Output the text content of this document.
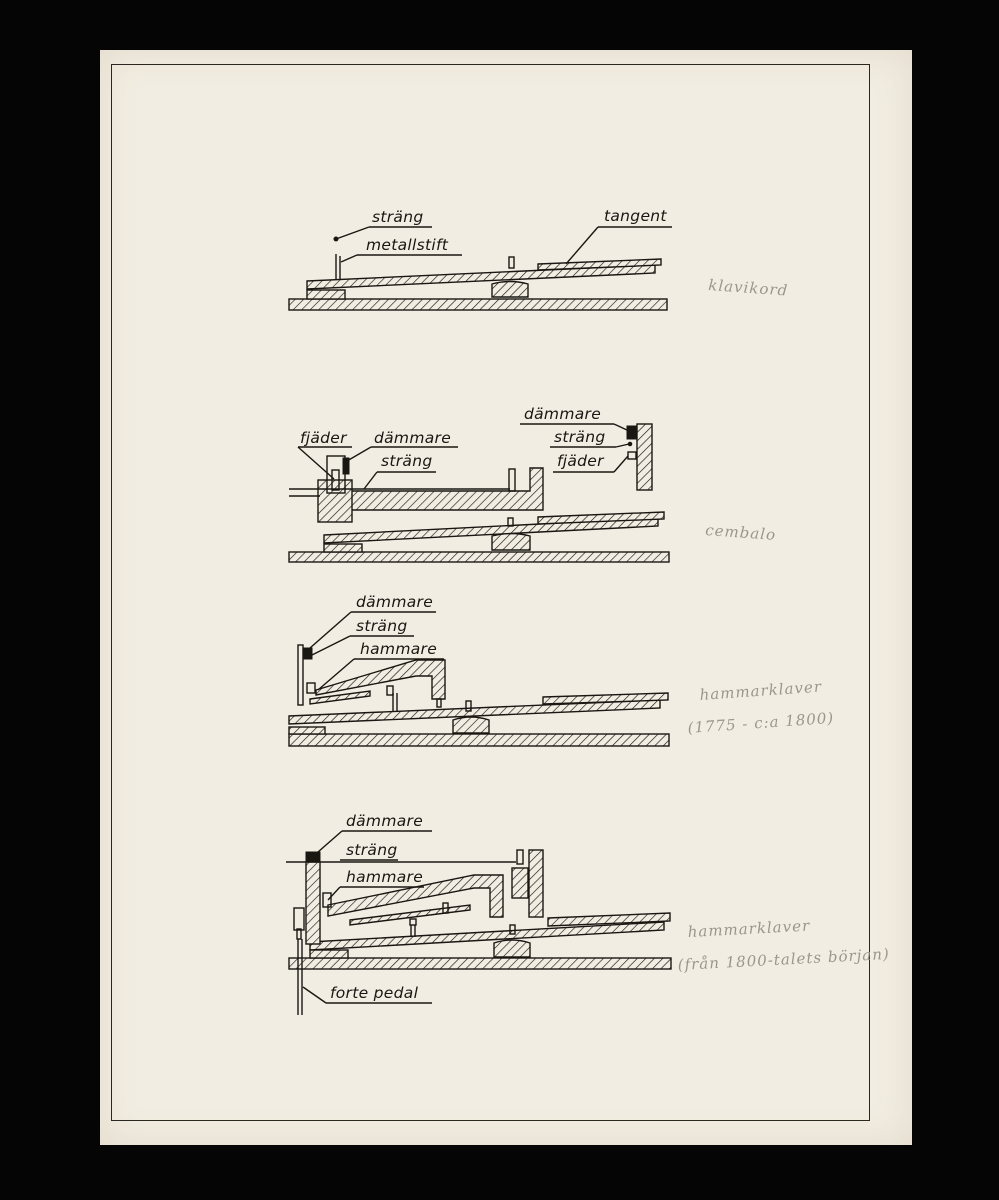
sträng
metallstift
tangent
klavikord
fjäder dämmare
sträng
dämmare
sträng
fjäder
cembalo
dämmare
sträng
hammare
hammarklaver
(1775 - c:a 1800)
dämmare
sträng
hammare
forte pedal
hammarklaver
(från 1800-talets början)
